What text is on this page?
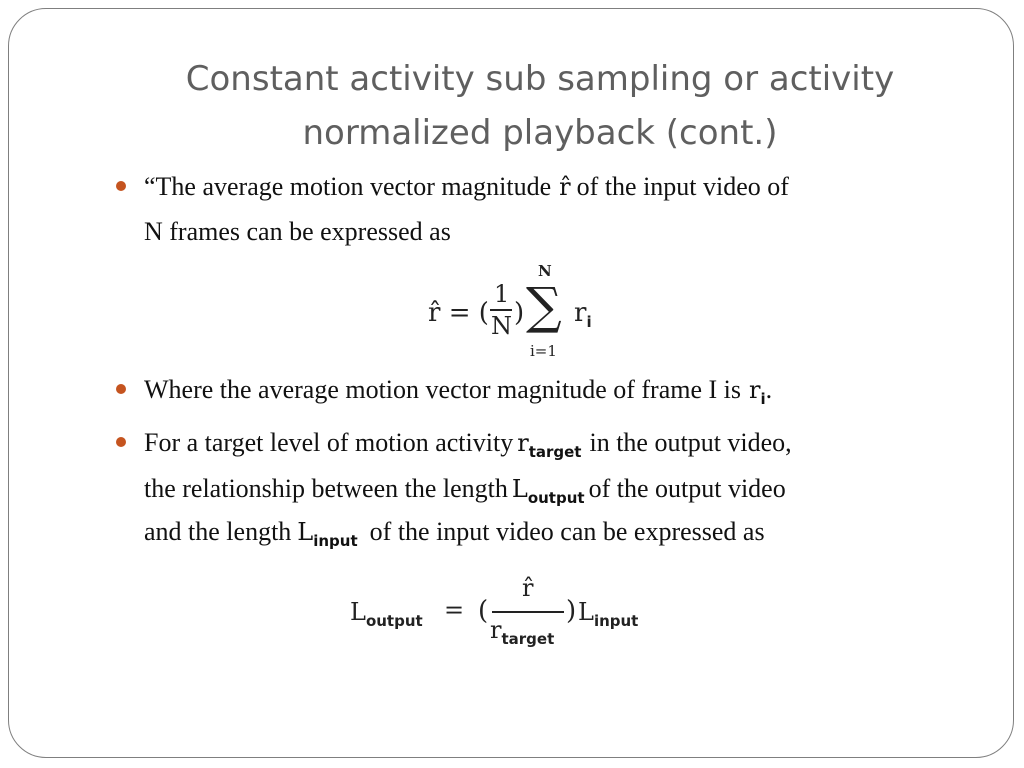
Constant activity sub sampling or activity
normalized playback (cont.)
“The average motion vector magnitude r̂ of the input video of
N frames can be expressed as
r̂ = (
1
N )
N
∑
i=1
$r_i$
Where the average motion vector magnitude of frame I is $r_i$.
For a target level of motion activity $r_{target}$ in the output video,
the relationship between the length $L_{output}$ of the output video
and the length $L_{input}$ of the input video can be expressed as
$L_{output}$ = (
r̂
$r_{target}$
) $L_{input}$
